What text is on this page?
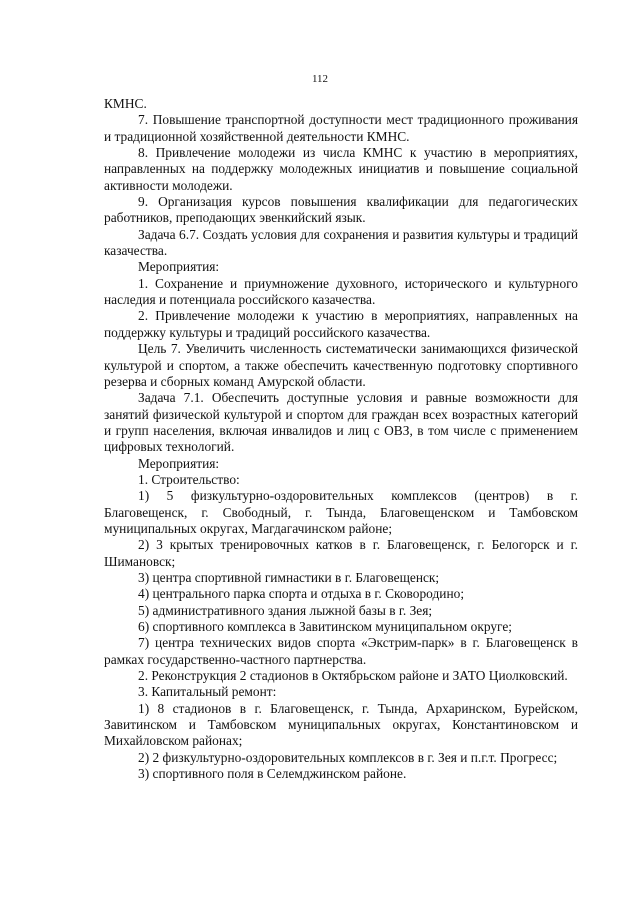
112

КМНС.

7. Повышение транспортной доступности мест традиционного проживания и традиционной хозяйственной деятельности КМНС.

8. Привлечение молодежи из числа КМНС к участию в мероприятиях, направленных на поддержку молодежных инициатив и повышение социальной активности молодежи.

9. Организация курсов повышения квалификации для педагогических работников, преподающих эвенкийский язык.

Задача 6.7. Создать условия для сохранения и развития культуры и традиций казачества.

Мероприятия:

1. Сохранение и приумножение духовного, исторического и культурного наследия и потенциала российского казачества.

2. Привлечение молодежи к участию в мероприятиях, направленных на поддержку культуры и традиций российского казачества.

Цель 7. Увеличить численность систематически занимающихся физической культурой и спортом, а также обеспечить качественную подготовку спортивного резерва и сборных команд Амурской области.

Задача 7.1. Обеспечить доступные условия и равные возможности для занятий физической культурой и спортом для граждан всех возрастных категорий и групп населения, включая инвалидов и лиц с ОВЗ, в том числе с применением цифровых технологий.

Мероприятия:

1. Строительство:

1) 5 физкультурно-оздоровительных комплексов (центров) в г. Благовещенск, г. Свободный, г. Тында, Благовещенском и Тамбовском муниципальных округах, Магдагачинском районе;

2) 3 крытых тренировочных катков в г. Благовещенск, г. Белогорск и г. Шимановск;

3) центра спортивной гимнастики в г. Благовещенск;

4) центрального парка спорта и отдыха в г. Сковородино;

5) административного здания лыжной базы в г. Зея;

6) спортивного комплекса в Завитинском муниципальном округе;

7) центра технических видов спорта «Экстрим-парк» в г. Благовещенск в рамках государственно-частного партнерства.

2. Реконструкция 2 стадионов в Октябрьском районе и ЗАТО Циолковский.

3. Капитальный ремонт:

1) 8 стадионов в г. Благовещенск, г. Тында, Архаринском, Бурейском, Завитинском и Тамбовском муниципальных округах, Константиновском и Михайловском районах;

2) 2 физкультурно-оздоровительных комплексов в г. Зея и п.г.т. Прогресс;

3) спортивного поля в Селемджинском районе.
